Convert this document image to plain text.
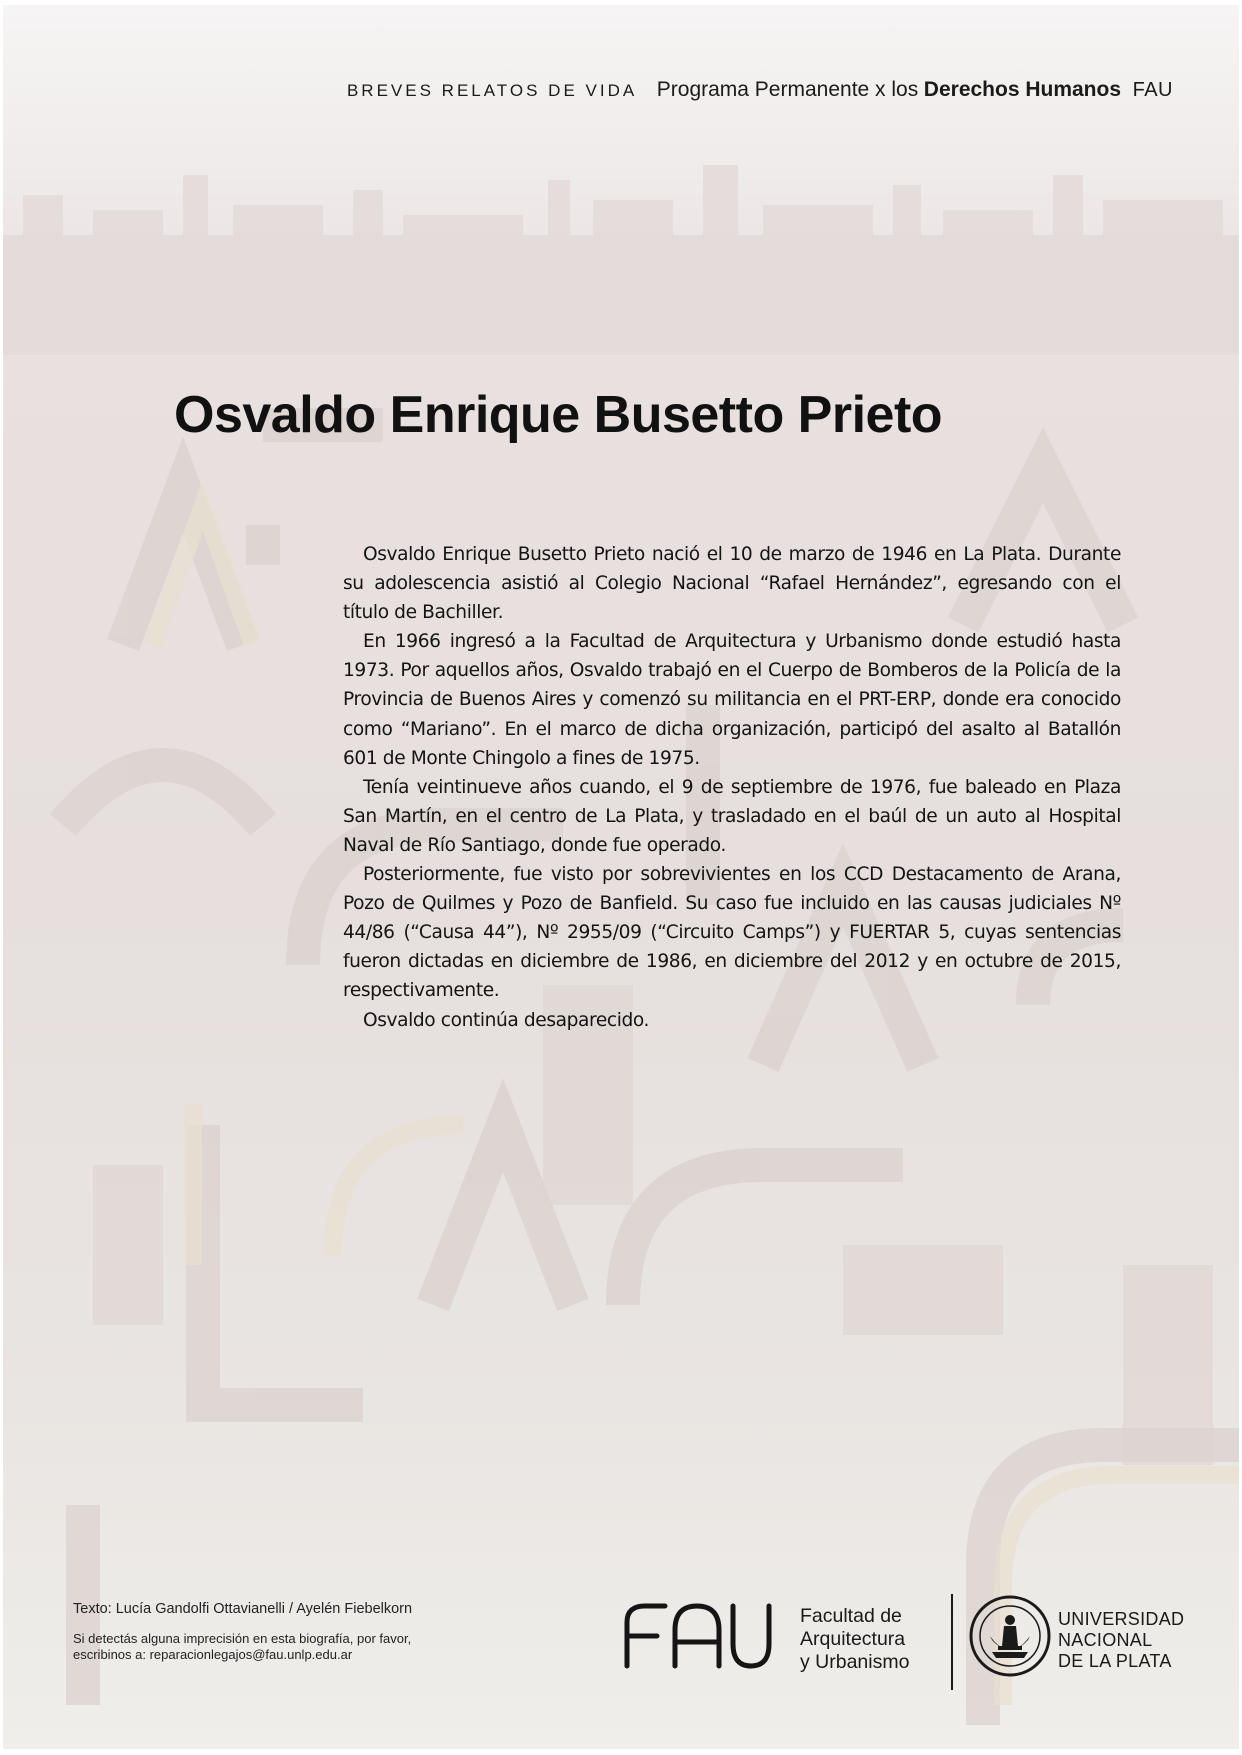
BREVES RELATOS DE VIDA Programa Permanente x los Derechos Humanos FAU
Osvaldo Enrique Busetto Prieto

Osvaldo Enrique Busetto Prieto nació el 10 de marzo de 1946 en La Plata. Durante su adolescencia asistió al Colegio Nacional “Rafael Hernández”, egresando con el título de Bachiller.

En 1966 ingresó a la Facultad de Arquitectura y Urbanismo donde estudió hasta 1973. Por aquellos años, Osvaldo trabajó en el Cuerpo de Bomberos de la Policía de la Provincia de Buenos Aires y comenzó su militancia en el PRT-ERP, donde era conocido como “Mariano”. En el marco de dicha organización, participó del asalto al Batallón 601 de Monte Chingolo a fines de 1975.

Tenía veintinueve años cuando, el 9 de septiembre de 1976, fue baleado en Plaza San Martín, en el centro de La Plata, y trasladado en el baúl de un auto al Hospital Naval de Río Santiago, donde fue operado.

Posteriormente, fue visto por sobrevivientes en los CCD Destacamento de Arana, Pozo de Quilmes y Pozo de Banfield. Su caso fue incluido en las causas judiciales Nº 44/86 (“Causa 44”), Nº 2955/09 (“Circuito Camps”) y FUERTAR 5, cuyas sentencias fueron dictadas en diciembre de 1986, en diciembre del 2012 y en octubre de 2015, respectivamente.

Osvaldo continúa desaparecido.

Texto: Lucía Gandolfi Ottavianelli / Ayelén Fiebelkorn
Si detectás alguna imprecisión en esta biografía, por favor,
escribinos a: reparacionlegajos@fau.unlp.edu.ar
Facultad de
Arquitectura
y Urbanismo
UNIVERSIDAD
NACIONAL
DE LA PLATA
